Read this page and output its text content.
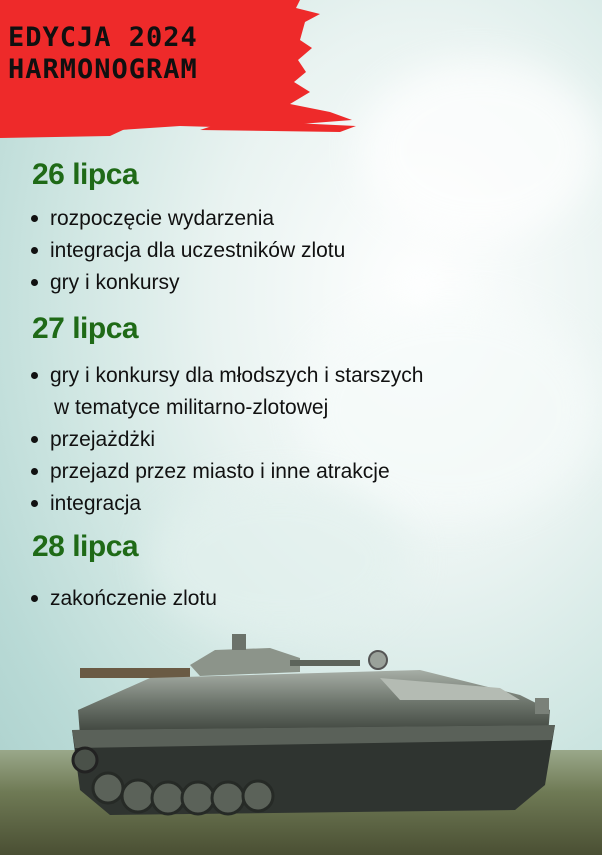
EDYCJA 2024
HARMONOGRAM
26 lipca
rozpoczęcie wydarzenia
integracja dla uczestników zlotu
gry i konkursy
27 lipca
gry i konkursy dla młodszych i starszych
w tematyce militarno-zlotowej
przejażdżki
przejazd przez miasto i inne atrakcje
integracja
28 lipca
zakończenie zlotu
